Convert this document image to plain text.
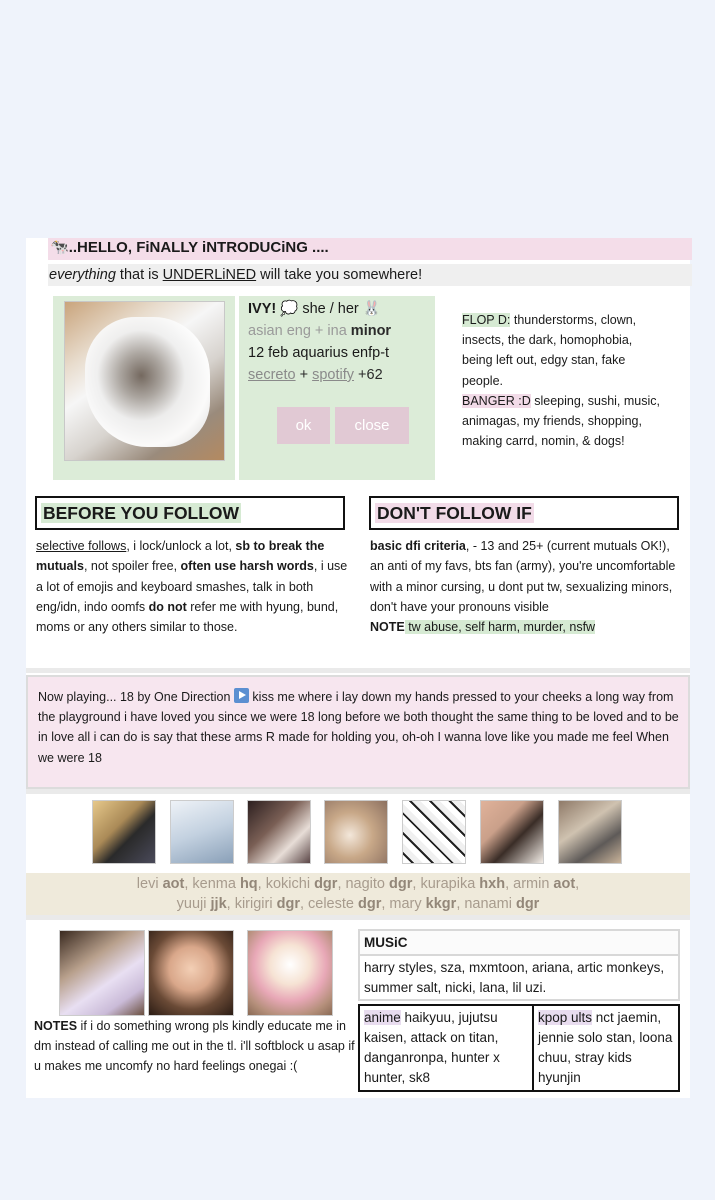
🐄..HELLO, FiNALLY iNTRODUCiNG ....
everything that is UNDERLiNED will take you somewhere!
IVY! 💭 she / her 🐰
asian eng + ina minor
12 feb aquarius enfp-t
secreto + spotify +62
ok	close
FLOP D: thunderstorms, clown, insects, the dark, homophobia, being left out, edgy stan, fake people.
BANGER :D sleeping, sushi, music, animagas, my friends, shopping, making carrd, nomin, & dogs!
BEFORE YOU FOLLOW	DON'T FOLLOW IF
selective follows, i lock/unlock a lot, sb to break the mutuals, not spoiler free, often use harsh words, i use a lot of emojis and keyboard smashes, talk in both eng/idn, indo oomfs do not refer me with hyung, bund, moms or any others similar to those.
basic dfi criteria, - 13 and 25+ (current mutuals OK!), an anti of my favs, bts fan (army), you're uncomfortable with a minor cursing, u dont put tw, sexualizing minors, don't have your pronouns visible
NOTE tw abuse, self harm, murder, nsfw
Now playing... 18 by One Direction  kiss me where i lay down my hands pressed to your cheeks a long way from the playground i have loved you since we were 18 long before we both thought the same thing to be loved and to be in love all i can do is say that these arms R made for holding you, oh-oh I wanna love like you made me feel When we were 18
levi aot, kenma hq, kokichi dgr, nagito dgr, kurapika hxh, armin aot,
yuuji jjk, kirigiri dgr, celeste dgr, mary kkgr, nanami dgr
NOTES if i do something wrong pls kindly educate me in dm instead of calling me out in the tl. i'll softblock u asap if u makes me uncomfy no hard feelings onegai :(
MUSiC
harry styles, sza, mxmtoon, ariana, artic monkeys, summer salt, nicki, lana, lil uzi.
anime haikyuu, jujutsu kaisen, attack on titan, danganronpa, hunter x hunter, sk8
kpop ults nct jaemin, jennie solo stan, loona chuu, stray kids hyunjin
